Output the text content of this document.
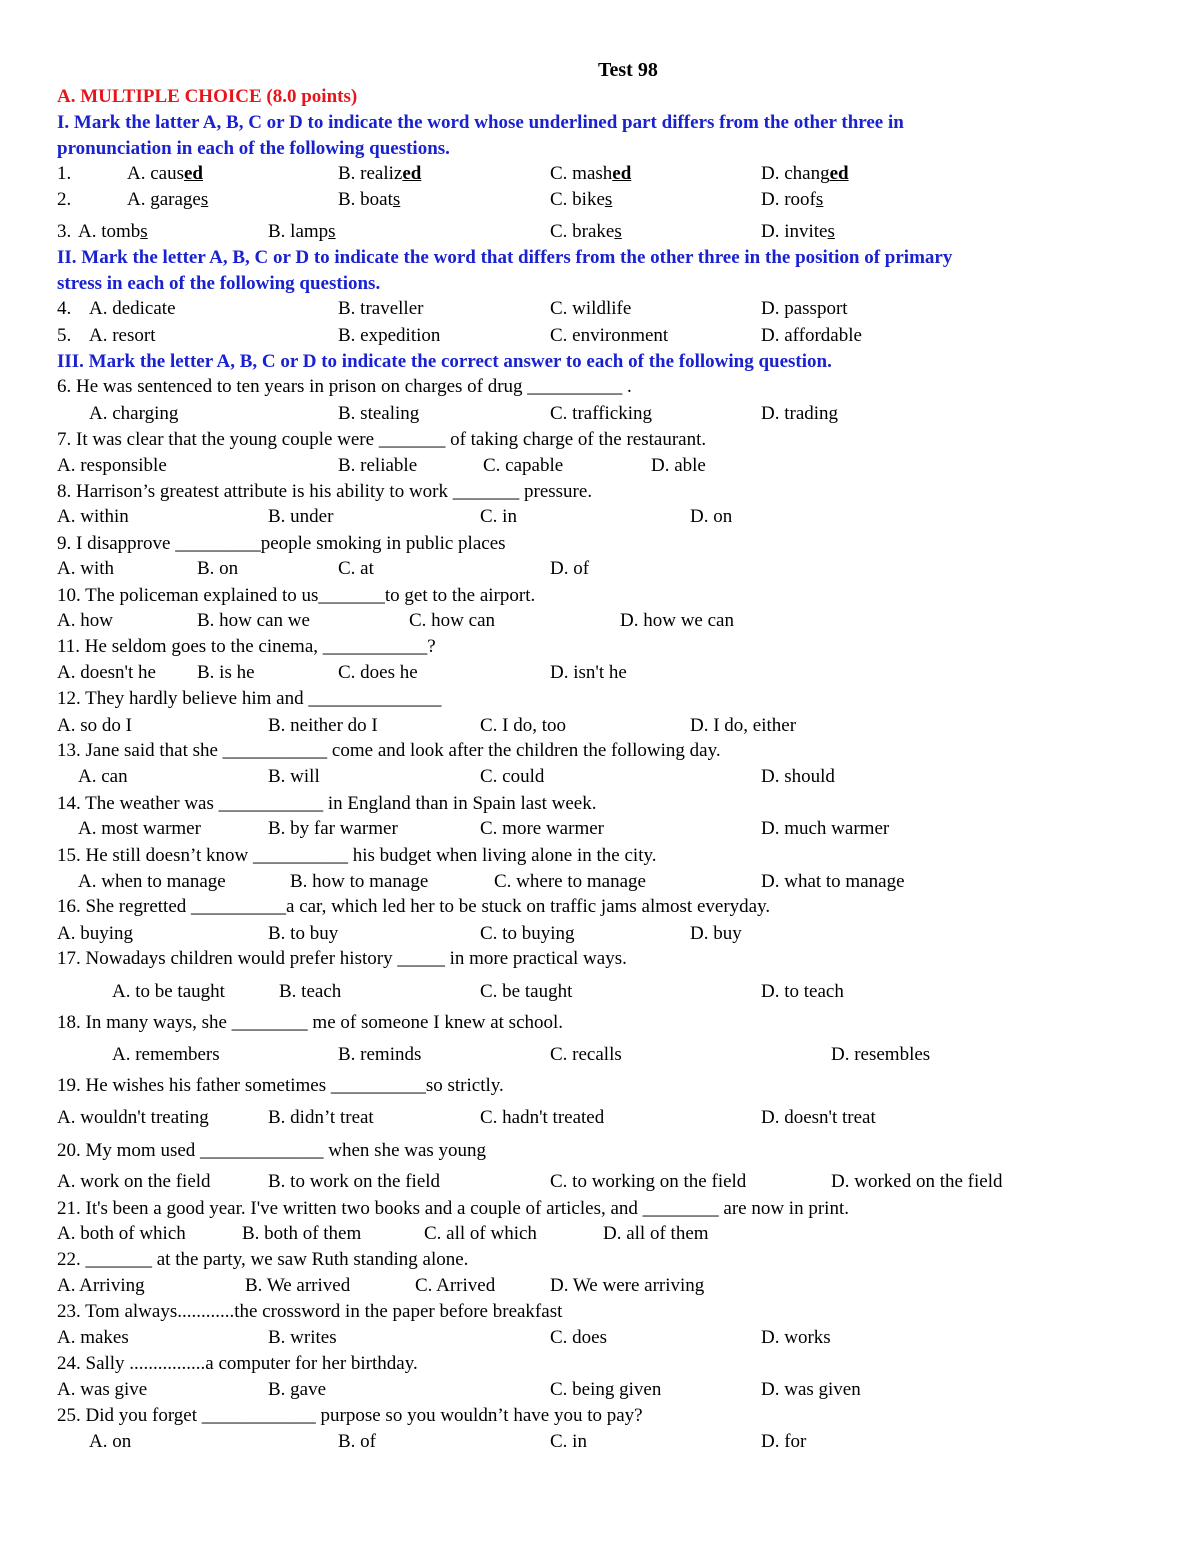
Test 98
A. MULTIPLE CHOICE (8.0 points)
I. Mark the latter A, B, C or D to indicate the word whose underlined part differs from the other three in
pronunciation in each of the following questions.
1.	A. caused	B. realized	C. mashed	D. changed
2.	A. garages	B. boats	C. bikes	D. roofs
3. A. tombs	B. lamps	C. brakes	D. invites
II. Mark the letter A, B, C or D to indicate the word that differs from the other three in the position of primary
stress in each of the following questions.
4. A. dedicate	B. traveller	C. wildlife	D. passport
5. A. resort	B. expedition	C. environment	D. affordable
III. Mark the letter A, B, C or D to indicate the correct answer to each of the following question.
6. He was sentenced to ten years in prison on charges of drug __________ .
A. charging	B. stealing	C. trafficking	D. trading
7. It was clear that the young couple were _______ of taking charge of the restaurant.
A. responsible	B. reliable	C. capable	D. able
8. Harrison’s greatest attribute is his ability to work _______ pressure.
A. within	B. under	C. in	D. on
9. I disapprove _________people smoking in public places
A. with	B. on	C. at	D. of
10. The policeman explained to us_______to get to the airport.
A. how	B. how can we	C. how can	D. how we can
11. He seldom goes to the cinema, ___________?
A. doesn't he B. is he	C. does he	D. isn't he
12. They hardly believe him and ______________
A. so do I	B. neither do I	C. I do, too	D. I do, either
13. Jane said that she ___________ come and look after the children the following day.
A. can	B. will	C. could	D. should
14. The weather was ___________ in England than in Spain last week.
A. most warmer	B. by far warmer	C. more warmer	D. much warmer
15. He still doesn’t know __________ his budget when living alone in the city.
A. when to manage	B. how to manage	C. where to manage	D. what to manage
16. She regretted __________a car, which led her to be stuck on traffic jams almost everyday.
A. buying	B. to buy	C. to buying	D. buy
17. Nowadays children would prefer history _____ in more practical ways.
A. to be taught	B. teach	C. be taught	D. to teach
18. In many ways, she ________ me of someone I knew at school.
A. remembers	B. reminds	C. recalls	D. resembles
19. He wishes his father sometimes __________so strictly.
A. wouldn't treating	B. didn’t treat	C. hadn't treated	D. doesn't treat
20. My mom used _____________ when she was young
A. work on the field	B. to work on the field	C. to working on the field	D. worked on the field
21. It's been a good year. I've written two books and a couple of articles, and ________ are now in print.
A. both of which	B. both of them	C. all of which	D. all of them
22. _______ at the party, we saw Ruth standing alone.
A. Arriving	B. We arrived	C. Arrived	D. We were arriving
23. Tom always............the crossword in the paper before breakfast
A. makes	B. writes	C. does	D. works
24. Sally ................a computer for her birthday.
A. was give	B. gave	C. being given	D. was given
25. Did you forget ____________ purpose so you wouldn’t have you to pay?
A. on	B. of	C. in	D. for
